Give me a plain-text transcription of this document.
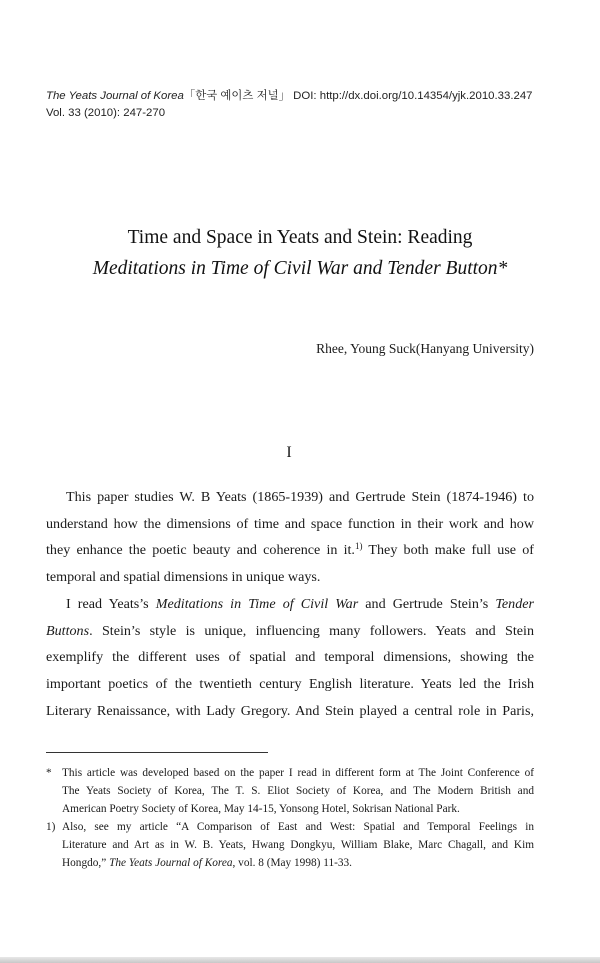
The Yeats Journal of Korea「한국 예이츠 저널」 DOI: http://dx.doi.org/10.14354/yjk.2010.33.247
Vol. 33 (2010): 247-270
Time and Space in Yeats and Stein: Reading
Meditations in Time of Civil War and Tender Button*
Rhee, Young Suck(Hanyang University)
I
This paper studies W. B Yeats (1865-1939) and Gertrude Stein (1874-1946) to
understand how the dimensions of time and space function in their work and how
they enhance the poetic beauty and coherence in it.$^{1)}$ They both make full use of
temporal and spatial dimensions in unique ways.
I read Yeats’s Meditations in Time of Civil War and Gertrude Stein’s Tender
Buttons. Stein’s style is unique, influencing many followers. Yeats and Stein
exemplify the different uses of spatial and temporal dimensions, showing the
important poetics of the twentieth century English literature. Yeats led the Irish
Literary Renaissance, with Lady Gregory. And Stein played a central role in Paris,
* This article was developed based on the paper I read in different form at The Joint Conference of
The Yeats Society of Korea, The T. S. Eliot Society of Korea, and The Modern British and
American Poetry Society of Korea, May 14-15, Yonsong Hotel, Sokrisan National Park.
1) Also, see my article “A Comparison of East and West: Spatial and Temporal Feelings in
Literature and Art as in W. B. Yeats, Hwang Dongkyu, William Blake, Marc Chagall, and Kim
Hongdo,” The Yeats Journal of Korea, vol. 8 (May 1998) 11-33.
